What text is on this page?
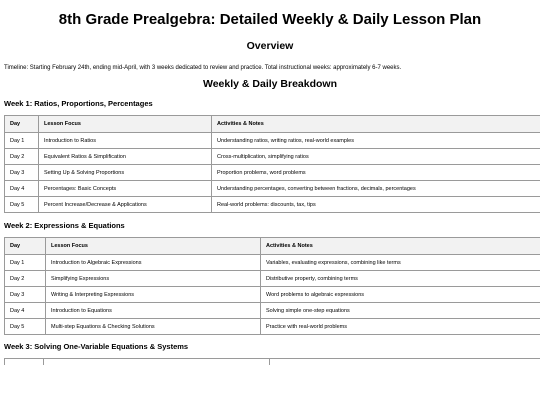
8th Grade Prealgebra: Detailed Weekly & Daily Lesson Plan
Overview

Timeline: Starting February 24th, ending mid-April, with 3 weeks dedicated to review and practice. Total instructional weeks: approximately 6-7 weeks.

Weekly & Daily Breakdown
Week 1: Ratios, Proportions, Percentages
Day	Lesson Focus	Activities & Notes
Day 1	Introduction to Ratios	Understanding ratios, writing ratios, real-world examples
Day 2	Equivalent Ratios & Simplification	Cross-multiplication, simplifying ratios
Day 3	Setting Up & Solving Proportions	Proportion problems, word problems
Day 4	Percentages: Basic Concepts	Understanding percentages, converting between fractions, decimals, percentages
Day 5	Percent Increase/Decrease & Applications	Real-world problems: discounts, tax, tips
Week 2: Expressions & Equations
Day	Lesson Focus	Activities & Notes
Day 1	Introduction to Algebraic Expressions	Variables, evaluating expressions, combining like terms
Day 2	Simplifying Expressions	Distributive property, combining terms
Day 3	Writing & Interpreting Expressions	Word problems to algebraic expressions
Day 4	Introduction to Equations	Solving simple one-step equations
Day 5	Multi-step Equations & Checking Solutions	Practice with real-world problems
Week 3: Solving One-Variable Equations & Systems
